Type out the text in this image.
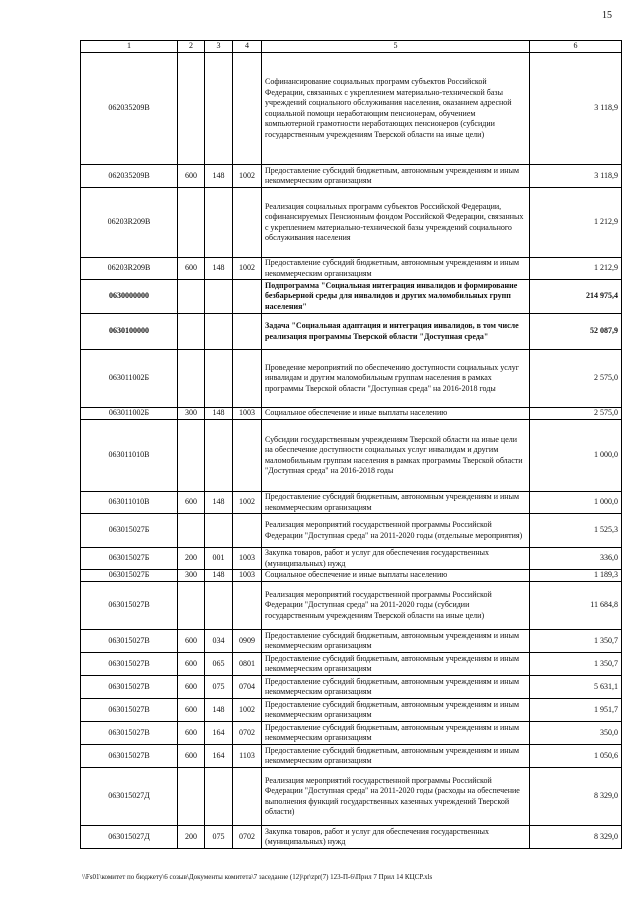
15
1	2	3	4	5	6
062035209В				Софинансирование социальных программ субъектов Российской Федерации, связанных с укреплением материально-технической базы учреждений социального обслуживания населения, оказанием адресной социальной помощи неработающим пенсионерам, обучением компьютерной грамотности неработающих пенсионеров (субсидии государственным учреждениям Тверской области на иные цели)	3 118,9
062035209В	600	148	1002	Предоставление субсидий бюджетным, автономным учреждениям и иным некоммерческим организациям	3 118,9
06203R209В				Реализация социальных программ субъектов Российской Федерации, софинансируемых Пенсионным фондом Российской Федерации, связанных с укреплением материально-технической базы учреждений социального обслуживания населения	1 212,9
06203R209В	600	148	1002	Предоставление субсидий бюджетным, автономным учреждениям и иным некоммерческим организациям	1 212,9
0630000000				Подпрограмма "Социальная интеграция инвалидов и формирование безбарьерной среды для инвалидов и других маломобильных групп населения"	214 975,4
0630100000				Задача "Социальная адаптация и интеграция инвалидов, в том числе реализация программы Тверской области "Доступная среда"	52 087,9
063011002Б				Проведение мероприятий по обеспечению доступности социальных услуг инвалидам и другим маломобильным группам населения в рамках программы Тверской области "Доступная среда" на 2016-2018 годы	2 575,0
063011002Б	300	148	1003	Социальное обеспечение и иные выплаты населению	2 575,0
063011010В				Субсидии государственным учреждениям Тверской области на иные цели на обеспечение доступности социальных услуг инвалидам и другим маломобильным группам населения в рамках программы Тверской области "Доступная среда" на 2016-2018 годы	1 000,0
063011010В	600	148	1002	Предоставление субсидий бюджетным, автономным учреждениям и иным некоммерческим организациям	1 000,0
063015027Б				Реализация мероприятий государственной программы Российской Федерации "Доступная среда" на 2011-2020 годы (отдельные мероприятия)	1 525,3
063015027Б	200	001	1003	Закупка товаров, работ и услуг для обеспечения государственных (муниципальных) нужд	336,0
063015027Б	300	148	1003	Социальное обеспечение и иные выплаты населению	1 189,3
063015027В				Реализация мероприятий государственной программы Российской Федерации "Доступная среда" на 2011-2020 годы (субсидии государственным учреждениям Тверской области на иные цели)	11 684,8
063015027В	600	034	0909	Предоставление субсидий бюджетным, автономным учреждениям и иным некоммерческим организациям	1 350,7
063015027В	600	065	0801	Предоставление субсидий бюджетным, автономным учреждениям и иным некоммерческим организациям	1 350,7
063015027В	600	075	0704	Предоставление субсидий бюджетным, автономным учреждениям и иным некоммерческим организациям	5 631,1
063015027В	600	148	1002	Предоставление субсидий бюджетным, автономным учреждениям и иным некоммерческим организациям	1 951,7
063015027В	600	164	0702	Предоставление субсидий бюджетным, автономным учреждениям и иным некоммерческим организациям	350,0
063015027В	600	164	1103	Предоставление субсидий бюджетным, автономным учреждениям и иным некоммерческим организациям	1 050,6
063015027Д				Реализация мероприятий государственной программы Российской Федерации "Доступная среда" на 2011-2020 годы (расходы на обеспечение выполнения функций государственных казенных учреждений Тверской области)	8 329,0
063015027Д	200	075	0702	Закупка товаров, работ и услуг для обеспечения государственных (муниципальных) нужд	8 329,0
\\Fs01\комитет по бюджету\6 созыв\Документы комитета\7 заседание (12)\pr\zpr(7) 123-П-6\Прил 7 Прил 14 КЦСР.xls
